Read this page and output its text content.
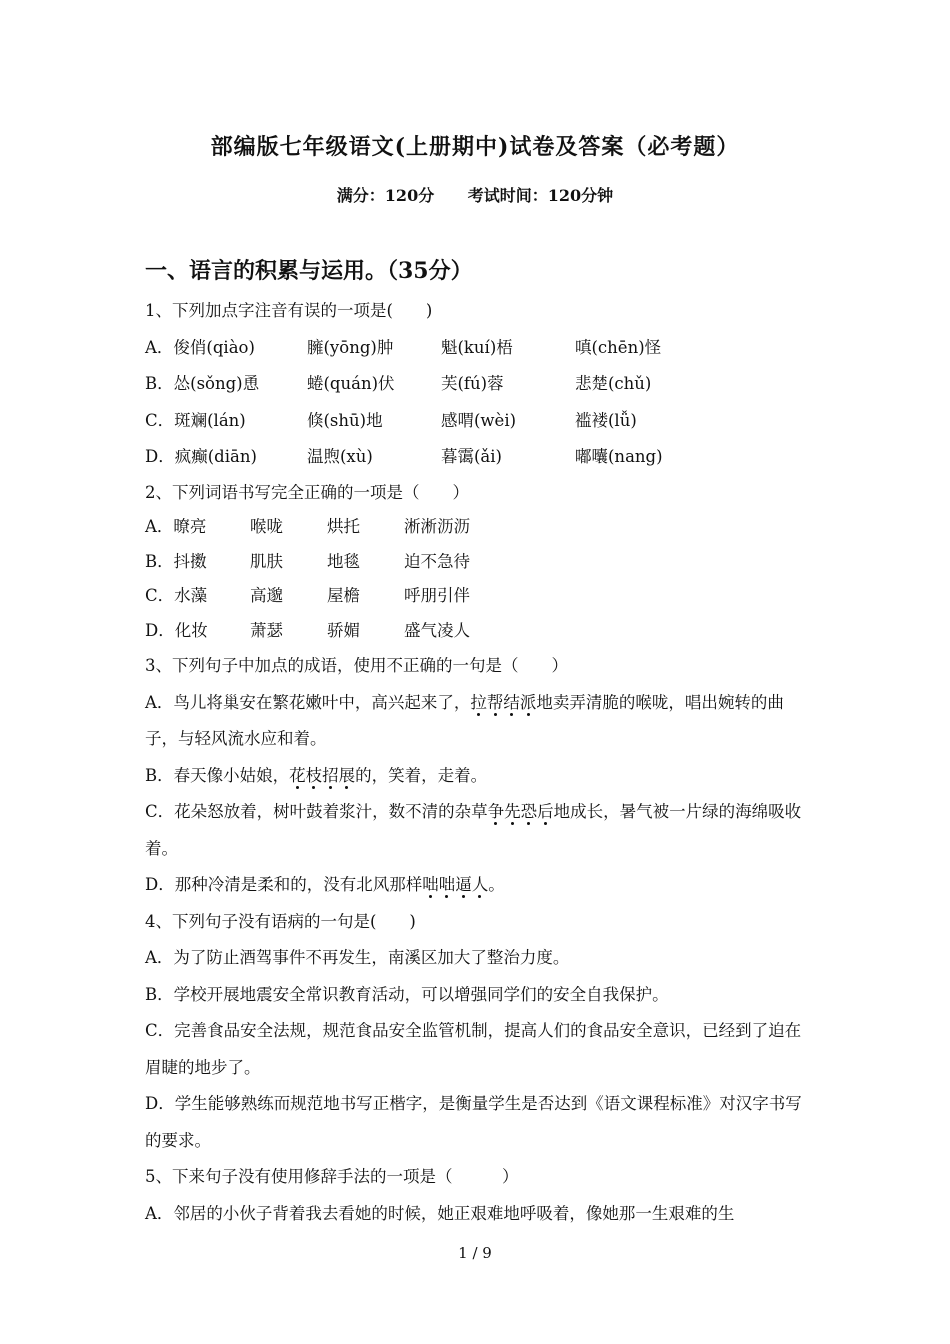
部编版七年级语文(上册期中)试卷及答案（必考题）
满分：120分 考试时间：120分钟
一、语言的积累与运用。（35分）
1、下列加点字注音有误的一项是(　　)
A．俊俏(qiào)	臃(yōng)肿	魁(kuí)梧	嗔(chēn)怪
B．怂(sǒng)恿	蜷(quán)伏	芙(fú)蓉	悲楚(chǔ)
C．斑斓(lán)	倏(shū)地	感喟(wèi)	褴褛(lǚ)
D．疯癫(diān)	温煦(xù)	暮霭(ǎi)	嘟囔(nang)
2、下列词语书写完全正确的一项是（　　）
A．暸亮	喉咙	烘托	淅淅沥沥
B．抖擞	肌肤	地毯	迫不急待
C．水藻	高邈	屋檐	呼朋引伴
D．化妆	萧瑟	骄媚	盛气凌人
3、下列句子中加点的成语，使用不正确的一句是（　　）
A．鸟儿将巢安在繁花嫩叶中，高兴起来了，拉帮结派地卖弄清脆的喉咙，唱出婉转的曲子，与轻风流水应和着。
B．春天像小姑娘，花枝招展的，笑着，走着。
C．花朵怒放着，树叶鼓着浆汁，数不清的杂草争先恐后地成长，暑气被一片绿的海绵吸收着。
D．那种冷清是柔和的，没有北风那样咄咄逼人。
4、下列句子没有语病的一句是(　　)
A．为了防止酒驾事件不再发生，南溪区加大了整治力度。
B．学校开展地震安全常识教育活动，可以增强同学们的安全自我保护。
C．完善食品安全法规，规范食品安全监管机制，提高人们的食品安全意识，已经到了迫在眉睫的地步了。
D．学生能够熟练而规范地书写正楷字，是衡量学生是否达到《语文课程标准》对汉字书写的要求。
5、下来句子没有使用修辞手法的一项是（　　　）
A．邻居的小伙子背着我去看她的时候，她正艰难地呼吸着，像她那一生艰难的生
1 / 9
